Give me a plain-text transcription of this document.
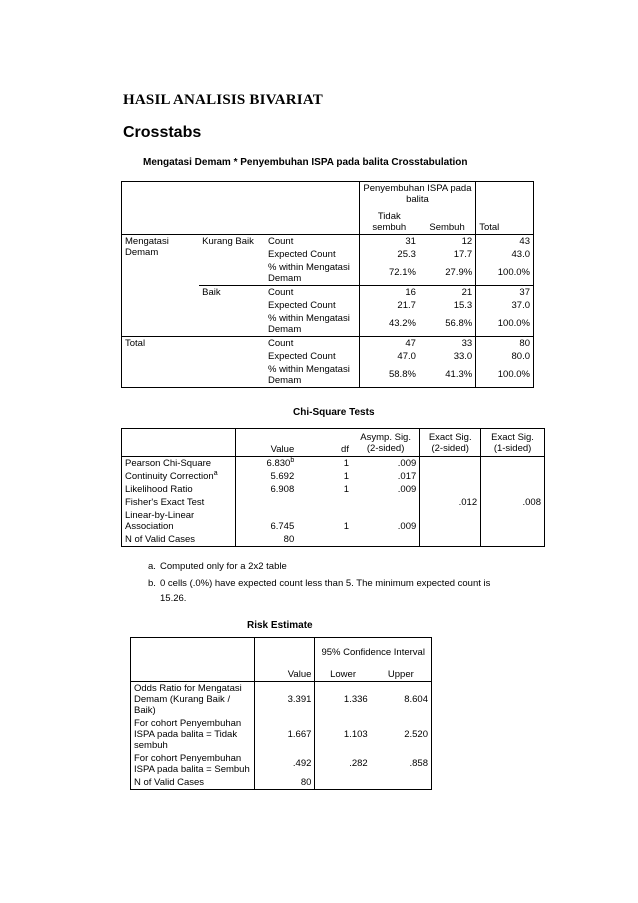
HASIL ANALISIS BIVARIAT
Crosstabs
Mengatasi Demam * Penyembuhan ISPA pada balita Crosstabulation
			Penyembuhan ISPA pada balita		Total
			Tidak sembuh	Sembuh	
Mengatasi Demam	Kurang Baik	Count	31	12	43
		Expected Count	25.3	17.7	43.0
		% within Mengatasi Demam	72.1%	27.9%	100.0%
	Baik	Count	16	21	37
		Expected Count	21.7	15.3	37.0
		% within Mengatasi Demam	43.2%	56.8%	100.0%
Total		Count	47	33	80
		Expected Count	47.0	33.0	80.0
		% within Mengatasi Demam	58.8%	41.3%	100.0%
Chi-Square Tests
	Value	df	Asymp. Sig. (2-sided)	Exact Sig. (2-sided)	Exact Sig. (1-sided)
Pearson Chi-Square	6.830$^b$	1	.009		
Continuity Correction$^a$	5.692	1	.017		
Likelihood Ratio	6.908	1	.009		
Fisher's Exact Test				.012	.008
Linear-by-Linear Association	6.745	1	.009		
N of Valid Cases	80				
a. Computed only for a 2x2 table
b. 0 cells (.0%) have expected count less than 5. The minimum expected count is
15.26.
Risk Estimate
	Value	95% Confidence Interval	
		Lower	Upper
Odds Ratio for Mengatasi Demam (Kurang Baik / Baik)	3.391	1.336	8.604
For cohort Penyembuhan ISPA pada balita = Tidak sembuh	1.667	1.103	2.520
For cohort Penyembuhan ISPA pada balita = Sembuh	.492	.282	.858
N of Valid Cases	80		
